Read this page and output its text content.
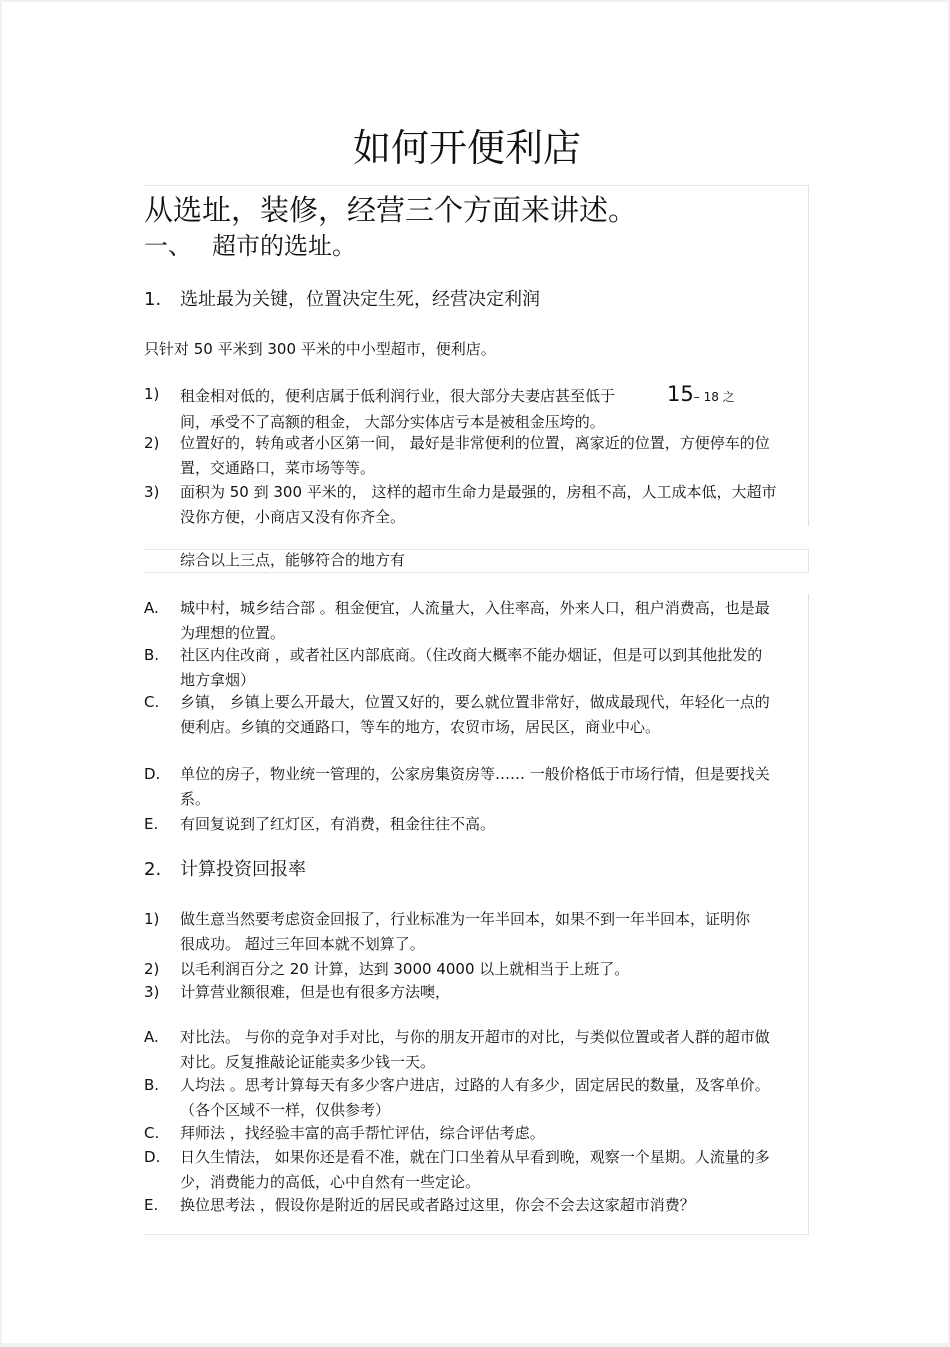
如何开便利店
从选址，装修，经营三个方面来讲述。
一、 超市的选址。
1. 选址最为关键，位置决定生死，经营决定利润
只针对 50 平米到 300 平米的中小型超市，便利店。
1)	租金相对低的，便利店属于低利润行业，很大部分夫妻店甚至低于 15– 18 之
间，承受不了高额的租金， 大部分实体店亏本是被租金压垮的。
2)	位置好的，转角或者小区第一间， 最好是非常便利的位置，离家近的位置，方便停车的位置，交通路口，菜市场等等。
3)	面积为 50 到 300 平米的， 这样的超市生命力是最强的，房租不高，人工成本低，大超市没你方便，小商店又没有你齐全。
综合以上三点，能够符合的地方有
A.	城中村，城乡结合部 。租金便宜，人流量大，入住率高，外来人口，租户消费高，也是最为理想的位置。
B.	社区内住改商 ，或者社区内部底商。（住改商大概率不能办烟证，但是可以到其他批发的地方拿烟）
C.	乡镇， 乡镇上要么开最大，位置又好的，要么就位置非常好，做成最现代，年轻化一点的便利店。乡镇的交通路口，等车的地方，农贸市场，居民区，商业中心。
D.	单位的房子，物业统一管理的，公家房集资房等…… 一般价格低于市场行情，但是要找关系。
E.	有回复说到了红灯区，有消费，租金往往不高。
2. 计算投资回报率
1)	做生意当然要考虑资金回报了，行业标准为一年半回本，如果不到一年半回本，证明你很成功。 超过三年回本就不划算了。
2)	以毛利润百分之 20 计算，达到 3000 4000 以上就相当于上班了。
3)	计算营业额很难，但是也有很多方法噢，
A.	对比法。 与你的竞争对手对比，与你的朋友开超市的对比，与类似位置或者人群的超市做对比。反复推敲论证能卖多少钱一天。
B.	人均法 。思考计算每天有多少客户进店，过路的人有多少，固定居民的数量，及客单价。（各个区域不一样，仅供参考）
C.	拜师法 ，找经验丰富的高手帮忙评估，综合评估考虑。
D.	日久生情法， 如果你还是看不准，就在门口坐着从早看到晚，观察一个星期。人流量的多少，消费能力的高低，心中自然有一些定论。
E.	换位思考法 ，假设你是附近的居民或者路过这里，你会不会去这家超市消费？
